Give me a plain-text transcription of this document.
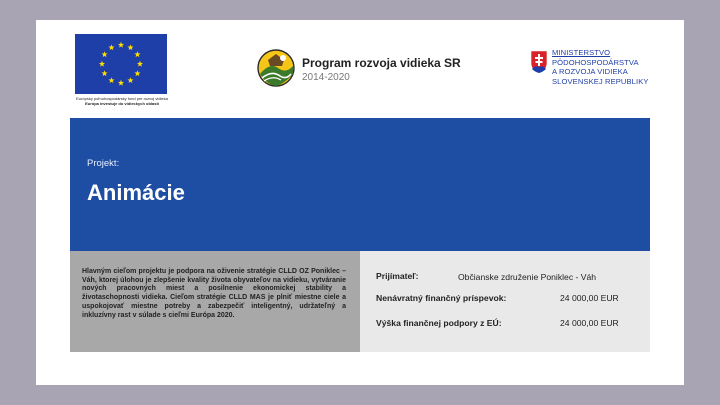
Európsky poľnohospodársky fond pre rozvoj vidieka
Európa investuje do vidieckych oblastí
Program rozvoja vidieka SR
2014-2020
MINISTERSTVO
PÔDOHOSPODÁRSTVA
A ROZVOJA VIDIEKA
SLOVENSKEJ REPUBLIKY
Projekt:
Animácie
Hlavným cieľom projektu je podpora na oživenie stratégie CLLD OZ Poniklec – Váh, ktorej úlohou je zlepšenie kvality života obyvateľov na vidieku, vytváranie nových pracovných miest a posilnenie ekonomickej stability a životaschopnosti vidieka. Cieľom stratégie CLLD MAS je plniť miestne ciele a uspokojovať miestne potreby a zabezpečiť inteligentný, udržateľný a inkluzívny rast v súlade s cieľmi Európa 2020.
Prijímateľ:	Občianske združenie Poniklec - Váh
Nenávratný finančný príspevok:	24 000,00 EUR
Výška finančnej podpory z EÚ:	24 000,00 EUR
